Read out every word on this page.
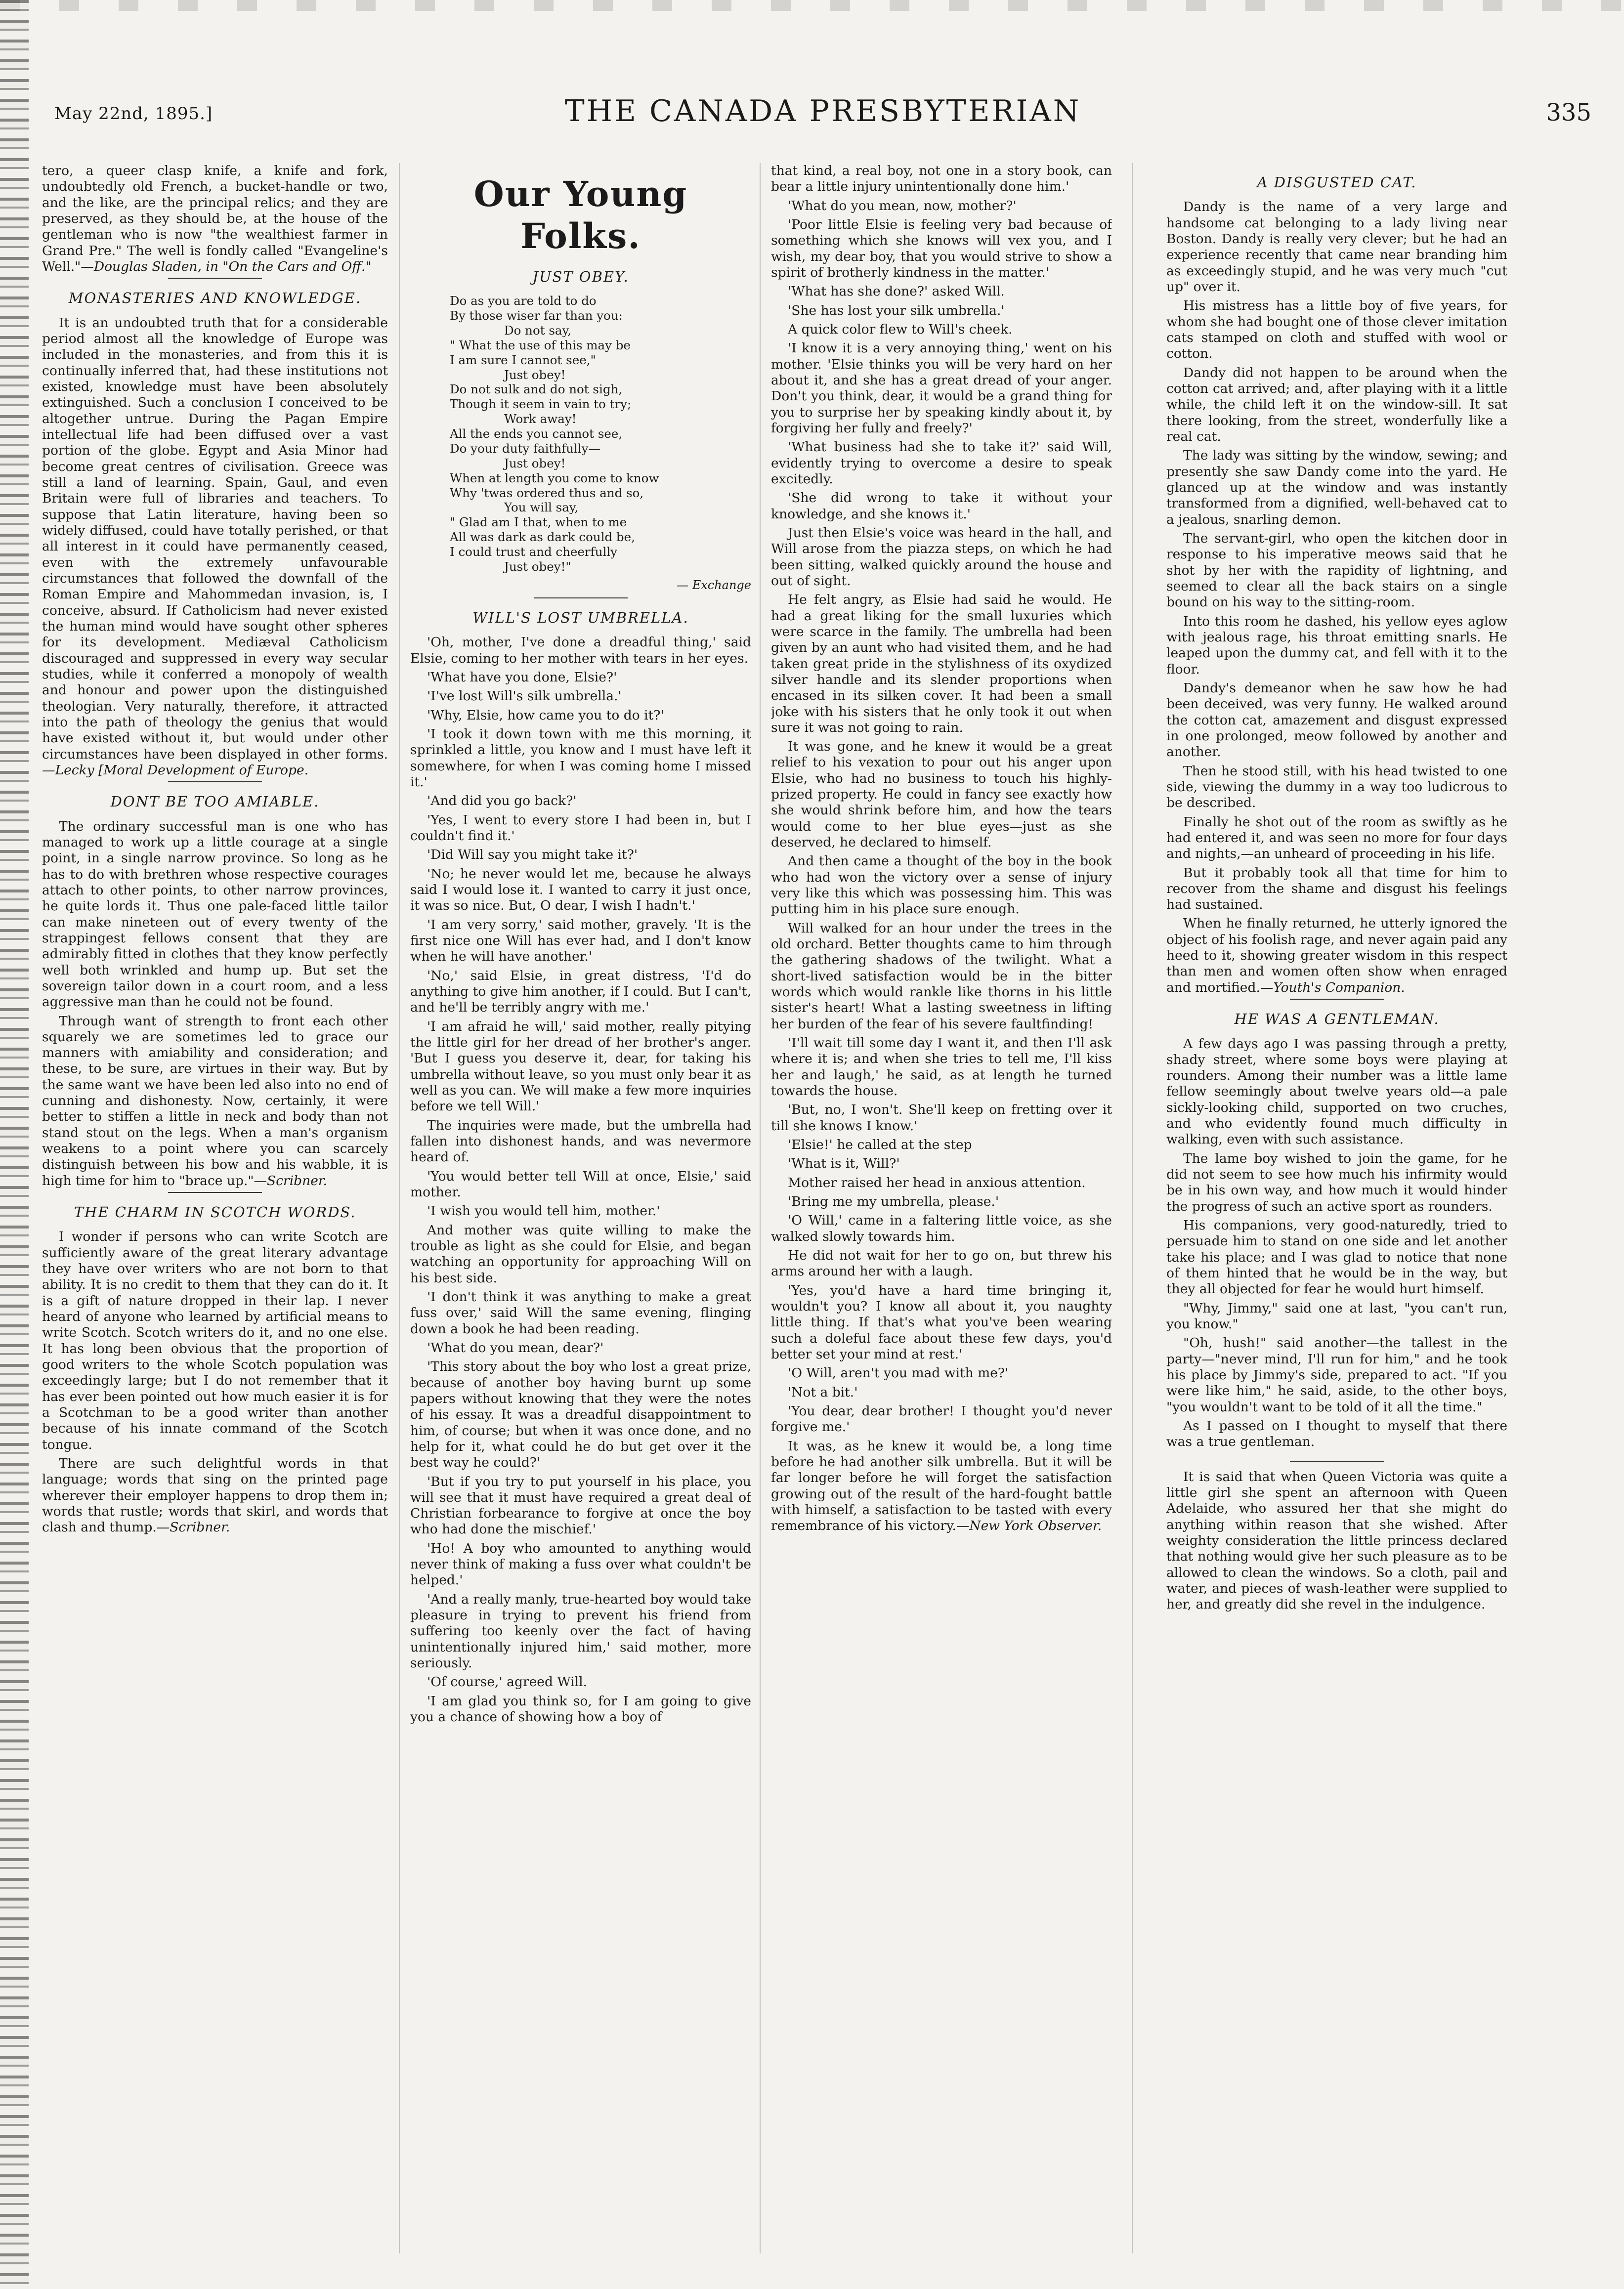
May 22nd, 1895.]	THE CANADA PRESBYTERIAN	335

tero, a queer clasp knife, a knife and fork, undoubtedly old French, a bucket-handle or two, and the like, are the principal relics; and they are preserved, as they should be, at the house of the gentleman who is now "the wealthiest farmer in Grand Pre." The well is fondly called "Evangeline's Well."—Douglas Sladen, in "On the Cars and Off."

MONASTERIES AND KNOWLEDGE.

It is an undoubted truth that for a considerable period almost all the knowledge of Europe was included in the monasteries, and from this it is continually inferred that, had these institutions not existed, knowledge must have been absolutely extinguished. Such a conclusion I conceived to be altogether untrue. During the Pagan Empire intellectual life had been diffused over a vast portion of the globe. Egypt and Asia Minor had become great centres of civilisation. Greece was still a land of learning. Spain, Gaul, and even Britain were full of libraries and teachers. To suppose that Latin literature, having been so widely diffused, could have totally perished, or that all interest in it could have permanently ceased, even with the extremely unfavourable circumstances that followed the downfall of the Roman Empire and Mahommedan invasion, is, I conceive, absurd. If Catholicism had never existed the human mind would have sought other spheres for its development. Mediæval Catholicism discouraged and suppressed in every way secular studies, while it conferred a monopoly of wealth and honour and power upon the distinguished theologian. Very naturally, therefore, it attracted into the path of theology the genius that would have existed without it, but would under other circumstances have been displayed in other forms.—Lecky [Moral Development of Europe.

DONT BE TOO AMIABLE.

The ordinary successful man is one who has managed to work up a little courage at a single point, in a single narrow province. So long as he has to do with brethren whose respective courages attach to other points, to other narrow provinces, he quite lords it. Thus one pale-faced little tailor can make nineteen out of every twenty of the strappingest fellows consent that they are admirably fitted in clothes that they know perfectly well both wrinkled and hump up. But set the sovereign tailor down in a court room, and a less aggressive man than he could not be found.

Through want of strength to front each other squarely we are sometimes led to grace our manners with amiability and consideration; and these, to be sure, are virtues in their way. But by the same want we have been led also into no end of cunning and dishonesty. Now, certainly, it were better to stiffen a little in neck and body than not stand stout on the legs. When a man's organism weakens to a point where you can scarcely distinguish between his bow and his wabble, it is high time for him to "brace up."—Scribner.

THE CHARM IN SCOTCH WORDS.

I wonder if persons who can write Scotch are sufficiently aware of the great literary advantage they have over writers who are not born to that ability. It is no credit to them that they can do it. It is a gift of nature dropped in their lap. I never heard of anyone who learned by artificial means to write Scotch. Scotch writers do it, and no one else. It has long been obvious that the proportion of good writers to the whole Scotch population was exceedingly large; but I do not remember that it has ever been pointed out how much easier it is for a Scotchman to be a good writer than another because of his innate command of the Scotch tongue.

There are such delightful words in that language; words that sing on the printed page wherever their employer happens to drop them in; words that rustle; words that skirl, and words that clash and thump.—Scribner.

Our Young Folks.
JUST OBEY.
Do as you are told to do
By those wiser far than you:
Do not say,
" What the use of this may be
I am sure I cannot see,"
Just obey!
Do not sulk and do not sigh,
Though it seem in vain to try;
Work away!
All the ends you cannot see,
Do your duty faithfully—
Just obey!
When at length you come to know
Why 'twas ordered thus and so,
You will say,
" Glad am I that, when to me
All was dark as dark could be,
I could trust and cheerfully
Just obey!"
— Exchange
WILL'S LOST UMBRELLA.

'Oh, mother, I've done a dreadful thing,' said Elsie, coming to her mother with tears in her eyes.

'What have you done, Elsie?'

'I've lost Will's silk umbrella.'

'Why, Elsie, how came you to do it?'

'I took it down town with me this morning, it sprinkled a little, you know and I must have left it somewhere, for when I was coming home I missed it.'

'And did you go back?'

'Yes, I went to every store I had been in, but I couldn't find it.'

'Did Will say you might take it?'

'No; he never would let me, because he always said I would lose it. I wanted to carry it just once, it was so nice. But, O dear, I wish I hadn't.'

'I am very sorry,' said mother, gravely. 'It is the first nice one Will has ever had, and I don't know when he will have another.'

'No,' said Elsie, in great distress, 'I'd do anything to give him another, if I could. But I can't, and he'll be terribly angry with me.'

'I am afraid he will,' said mother, really pitying the little girl for her dread of her brother's anger. 'But I guess you deserve it, dear, for taking his umbrella without leave, so you must only bear it as well as you can. We will make a few more inquiries before we tell Will.'

The inquiries were made, but the umbrella had fallen into dishonest hands, and was nevermore heard of.

'You would better tell Will at once, Elsie,' said mother.

'I wish you would tell him, mother.'

And mother was quite willing to make the trouble as light as she could for Elsie, and began watching an opportunity for approaching Will on his best side.

'I don't think it was anything to make a great fuss over,' said Will the same evening, flinging down a book he had been reading.

'What do you mean, dear?'

'This story about the boy who lost a great prize, because of another boy having burnt up some papers without knowing that they were the notes of his essay. It was a dreadful disappointment to him, of course; but when it was once done, and no help for it, what could he do but get over it the best way he could?'

'But if you try to put yourself in his place, you will see that it must have required a great deal of Christian forbearance to forgive at once the boy who had done the mischief.'

'Ho! A boy who amounted to anything would never think of making a fuss over what couldn't be helped.'

'And a really manly, true-hearted boy would take pleasure in trying to prevent his friend from suffering too keenly over the fact of having unintentionally injured him,' said mother, more seriously.

'Of course,' agreed Will.

'I am glad you think so, for I am going to give you a chance of showing how a boy of

that kind, a real boy, not one in a story book, can bear a little injury unintentionally done him.'

'What do you mean, now, mother?'

'Poor little Elsie is feeling very bad because of something which she knows will vex you, and I wish, my dear boy, that you would strive to show a spirit of brotherly kindness in the matter.'

'What has she done?' asked Will.

'She has lost your silk umbrella.'

A quick color flew to Will's cheek.

'I know it is a very annoying thing,' went on his mother. 'Elsie thinks you will be very hard on her about it, and she has a great dread of your anger. Don't you think, dear, it would be a grand thing for you to surprise her by speaking kindly about it, by forgiving her fully and freely?'

'What business had she to take it?' said Will, evidently trying to overcome a desire to speak excitedly.

'She did wrong to take it without your knowledge, and she knows it.'

Just then Elsie's voice was heard in the hall, and Will arose from the piazza steps, on which he had been sitting, walked quickly around the house and out of sight.

He felt angry, as Elsie had said he would. He had a great liking for the small luxuries which were scarce in the family. The umbrella had been given by an aunt who had visited them, and he had taken great pride in the stylishness of its oxydized silver handle and its slender proportions when encased in its silken cover. It had been a small joke with his sisters that he only took it out when sure it was not going to rain.

It was gone, and he knew it would be a great relief to his vexation to pour out his anger upon Elsie, who had no business to touch his highly-prized property. He could in fancy see exactly how she would shrink before him, and how the tears would come to her blue eyes—just as she deserved, he declared to himself.

And then came a thought of the boy in the book who had won the victory over a sense of injury very like this which was possessing him. This was putting him in his place sure enough.

Will walked for an hour under the trees in the old orchard. Better thoughts came to him through the gathering shadows of the twilight. What a short-lived satisfaction would be in the bitter words which would rankle like thorns in his little sister's heart! What a lasting sweetness in lifting her burden of the fear of his severe faultfinding!

'I'll wait till some day I want it, and then I'll ask where it is; and when she tries to tell me, I'll kiss her and laugh,' he said, as at length he turned towards the house.

'But, no, I won't. She'll keep on fretting over it till she knows I know.'

'Elsie!' he called at the step

'What is it, Will?'

Mother raised her head in anxious attention.

'Bring me my umbrella, please.'

'O Will,' came in a faltering little voice, as she walked slowly towards him.

He did not wait for her to go on, but threw his arms around her with a laugh.

'Yes, you'd have a hard time bringing it, wouldn't you? I know all about it, you naughty little thing. If that's what you've been wearing such a doleful face about these few days, you'd better set your mind at rest.'

'O Will, aren't you mad with me?'

'Not a bit.'

'You dear, dear brother! I thought you'd never forgive me.'

It was, as he knew it would be, a long time before he had another silk umbrella. But it will be far longer before he will forget the satisfaction growing out of the result of the hard-fought battle with himself, a satisfaction to be tasted with every remembrance of his victory.—New York Observer.

A DISGUSTED CAT.

Dandy is the name of a very large and handsome cat belonging to a lady living near Boston. Dandy is really very clever; but he had an experience recently that came near branding him as exceedingly stupid, and he was very much "cut up" over it.

His mistress has a little boy of five years, for whom she had bought one of those clever imitation cats stamped on cloth and stuffed with wool or cotton.

Dandy did not happen to be around when the cotton cat arrived; and, after playing with it a little while, the child left it on the window-sill. It sat there looking, from the street, wonderfully like a real cat.

The lady was sitting by the window, sewing; and presently she saw Dandy come into the yard. He glanced up at the window and was instantly transformed from a dignified, well-behaved cat to a jealous, snarling demon.

The servant-girl, who open the kitchen door in response to his imperative meows said that he shot by her with the rapidity of lightning, and seemed to clear all the back stairs on a single bound on his way to the sitting-room.

Into this room he dashed, his yellow eyes aglow with jealous rage, his throat emitting snarls. He leaped upon the dummy cat, and fell with it to the floor.

Dandy's demeanor when he saw how he had been deceived, was very funny. He walked around the cotton cat, amazement and disgust expressed in one prolonged, meow followed by another and another.

Then he stood still, with his head twisted to one side, viewing the dummy in a way too ludicrous to be described.

Finally he shot out of the room as swiftly as he had entered it, and was seen no more for four days and nights,—an unheard of proceeding in his life.

But it probably took all that time for him to recover from the shame and disgust his feelings had sustained.

When he finally returned, he utterly ignored the object of his foolish rage, and never again paid any heed to it, showing greater wisdom in this respect than men and women often show when enraged and mortified.—Youth's Companion.

HE WAS A GENTLEMAN.

A few days ago I was passing through a pretty, shady street, where some boys were playing at rounders. Among their number was a little lame fellow seemingly about twelve years old—a pale sickly-looking child, supported on two cruches, and who evidently found much difficulty in walking, even with such assistance.

The lame boy wished to join the game, for he did not seem to see how much his infirmity would be in his own way, and how much it would hinder the progress of such an active sport as rounders.

His companions, very good-naturedly, tried to persuade him to stand on one side and let another take his place; and I was glad to notice that none of them hinted that he would be in the way, but they all objected for fear he would hurt himself.

"Why, Jimmy," said one at last, "you can't run, you know."

"Oh, hush!" said another—the tallest in the party—"never mind, I'll run for him," and he took his place by Jimmy's side, prepared to act. "If you were like him," he said, aside, to the other boys, "you wouldn't want to be told of it all the time."

As I passed on I thought to myself that there was a true gentleman.

It is said that when Queen Victoria was quite a little girl she spent an afternoon with Queen Adelaide, who assured her that she might do anything within reason that she wished. After weighty consideration the little princess declared that nothing would give her such pleasure as to be allowed to clean the windows. So a cloth, pail and water, and pieces of wash-leather were supplied to her, and greatly did she revel in the indulgence.
